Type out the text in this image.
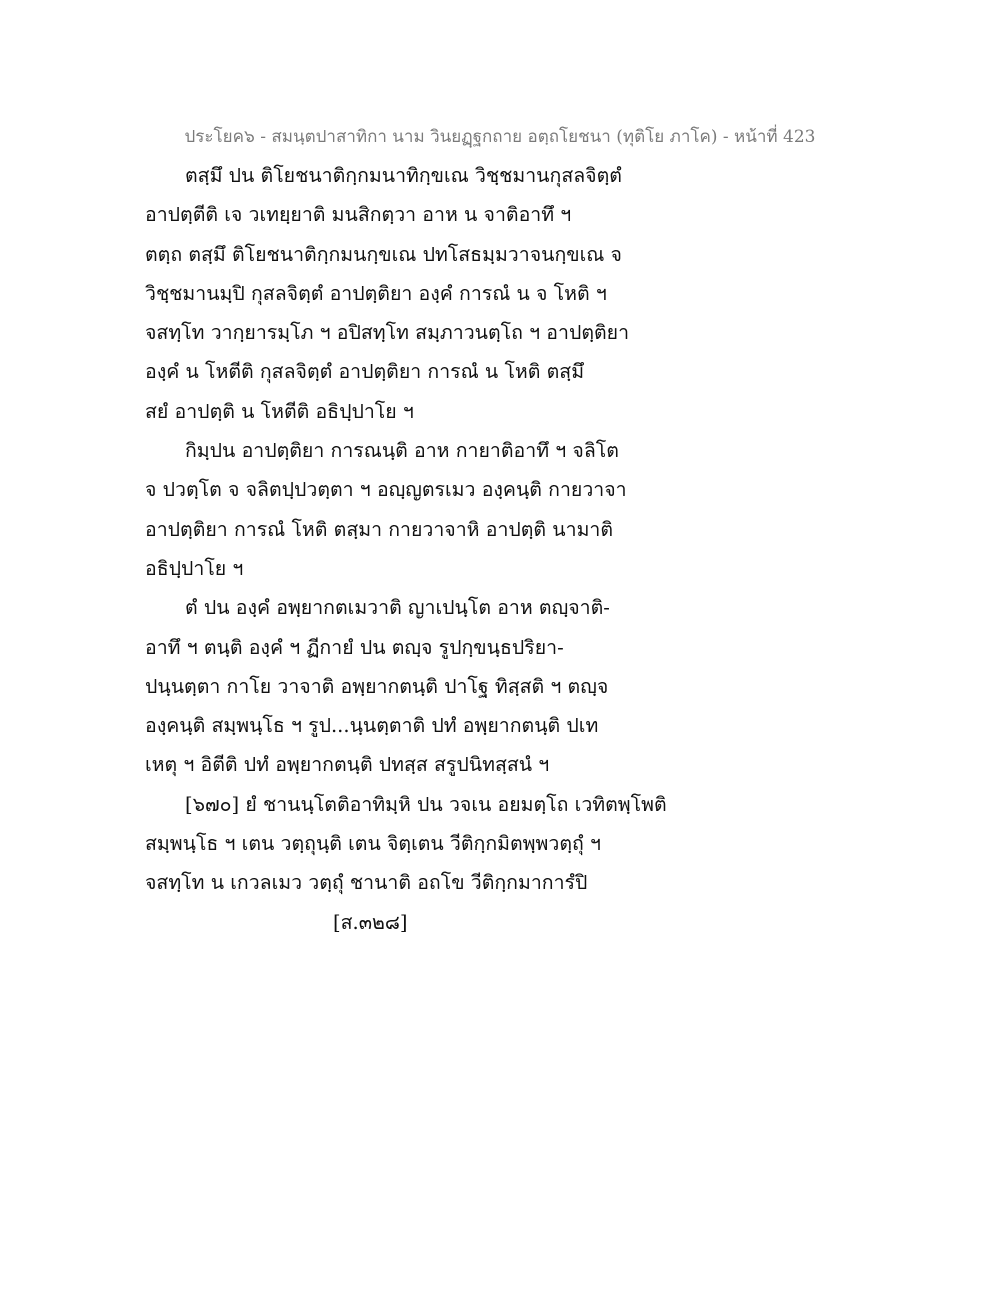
ประโยค๖ - สมนฺตปาสาทิกา นาม วินยฏฺฐกถาย อตฺถโยชนา (ทุติโย ภาโค) - หน้าที่ 423
ตสฺมึ ปน ติโยชนาติกฺกมนาทิกฺขเณ วิชฺชมานกุสลจิตฺตํ
อาปตฺตีติ เจ วเทยฺยาติ มนสิกตฺวา อาห น จาติอาทึ ฯ
ตตฺถ ตสฺมึ ติโยชนาติกฺกมนกฺขเณ ปทโสธมฺมวาจนกฺขเณ จ
วิชฺชมานมฺปิ กุสลจิตฺตํ อาปตฺติยา องฺคํ การณํ น จ โหติ ฯ
จสทฺโท วากฺยารมฺโภ ฯ อปิสทฺโท สมฺภาวนตฺโถ ฯ อาปตฺติยา
องฺคํ น โหตีติ กุสลจิตฺตํ อาปตฺติยา การณํ น โหติ ตสฺมึ
สยํ อาปตฺติ น โหตีติ อธิปฺปาโย ฯ
กิมฺปน อาปตฺติยา การณนฺติ อาห กายาติอาทึ ฯ จลิโต
จ ปวตฺโต จ จลิตปฺปวตฺตา ฯ อญฺญตรเมว องฺคนฺติ กายวาจา
อาปตฺติยา การณํ โหติ ตสฺมา กายวาจาหิ อาปตฺติ นามาติ
อธิปฺปาโย ฯ
ตํ ปน องฺคํ อพฺยากตเมวาติ ญาเปนฺโต อาห ตญฺจาติ-
อาทึ ฯ ตนฺติ องฺคํ ฯ ฏีกายํ ปน ตญฺจ รูปกฺขนฺธปริยา-
ปนฺนตฺตา กาโย วาจาติ อพฺยากตนฺติ ปาโฐ ทิสฺสติ ฯ ตญฺจ
องฺคนฺติ สมฺพนฺโธ ฯ รูป...นฺนตฺตาติ ปทํ อพฺยากตนฺติ ปเท
เหตุ ฯ อิตีติ ปทํ อพฺยากตนฺติ ปทสฺส สรูปนิทสฺสนํ ฯ
[๖๗๐] ยํ ชานนฺโตติอาทิมฺหิ ปน วจเน อยมตฺโถ เวทิตพฺโพติ
สมฺพนฺโธ ฯ เตน วตฺถุนฺติ เตน จิตฺเตน วีติกฺกมิตพฺพวตฺถุํ ฯ
จสทฺโท น เกวลเมว วตฺถุํ ชานาติ อถโข วีติกฺกมาการํปิ
[ส.๓๒๘]
